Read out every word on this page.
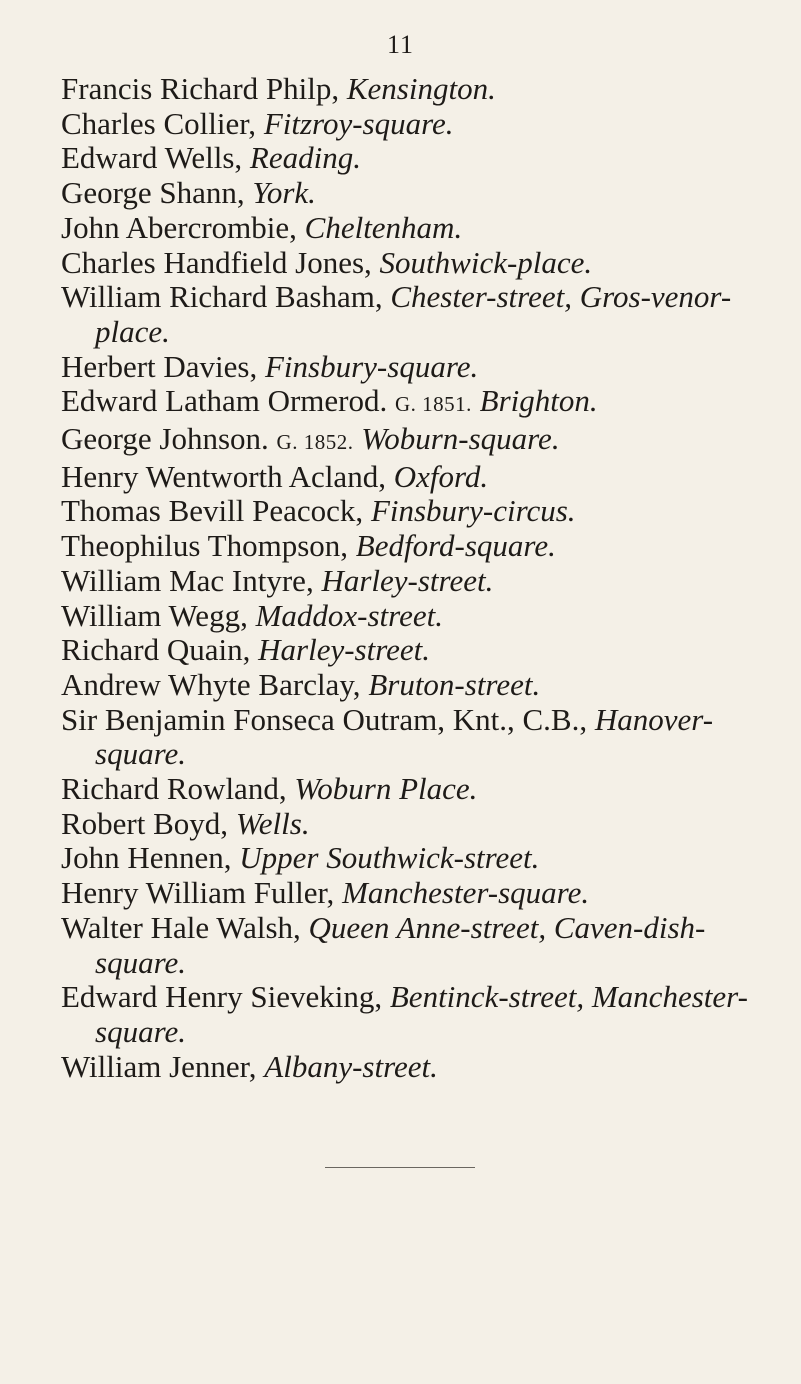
11
Francis Richard Philp, Kensington.
Charles Collier, Fitzroy-square.
Edward Wells, Reading.
George Shann, York.
John Abercrombie, Cheltenham.
Charles Handfield Jones, Southwick-place.
William Richard Basham, Chester-street, Gros-venor-place.
Herbert Davies, Finsbury-square.
Edward Latham Ormerod. G. 1851. Brighton.
George Johnson. G. 1852. Woburn-square.
Henry Wentworth Acland, Oxford.
Thomas Bevill Peacock, Finsbury-circus.
Theophilus Thompson, Bedford-square.
William Mac Intyre, Harley-street.
William Wegg, Maddox-street.
Richard Quain, Harley-street.
Andrew Whyte Barclay, Bruton-street.
Sir Benjamin Fonseca Outram, Knt., C.B., Hanover-square.
Richard Rowland, Woburn Place.
Robert Boyd, Wells.
John Hennen, Upper Southwick-street.
Henry William Fuller, Manchester-square.
Walter Hale Walsh, Queen Anne-street, Caven-dish-square.
Edward Henry Sieveking, Bentinck-street, Manchester-square.
William Jenner, Albany-street.
